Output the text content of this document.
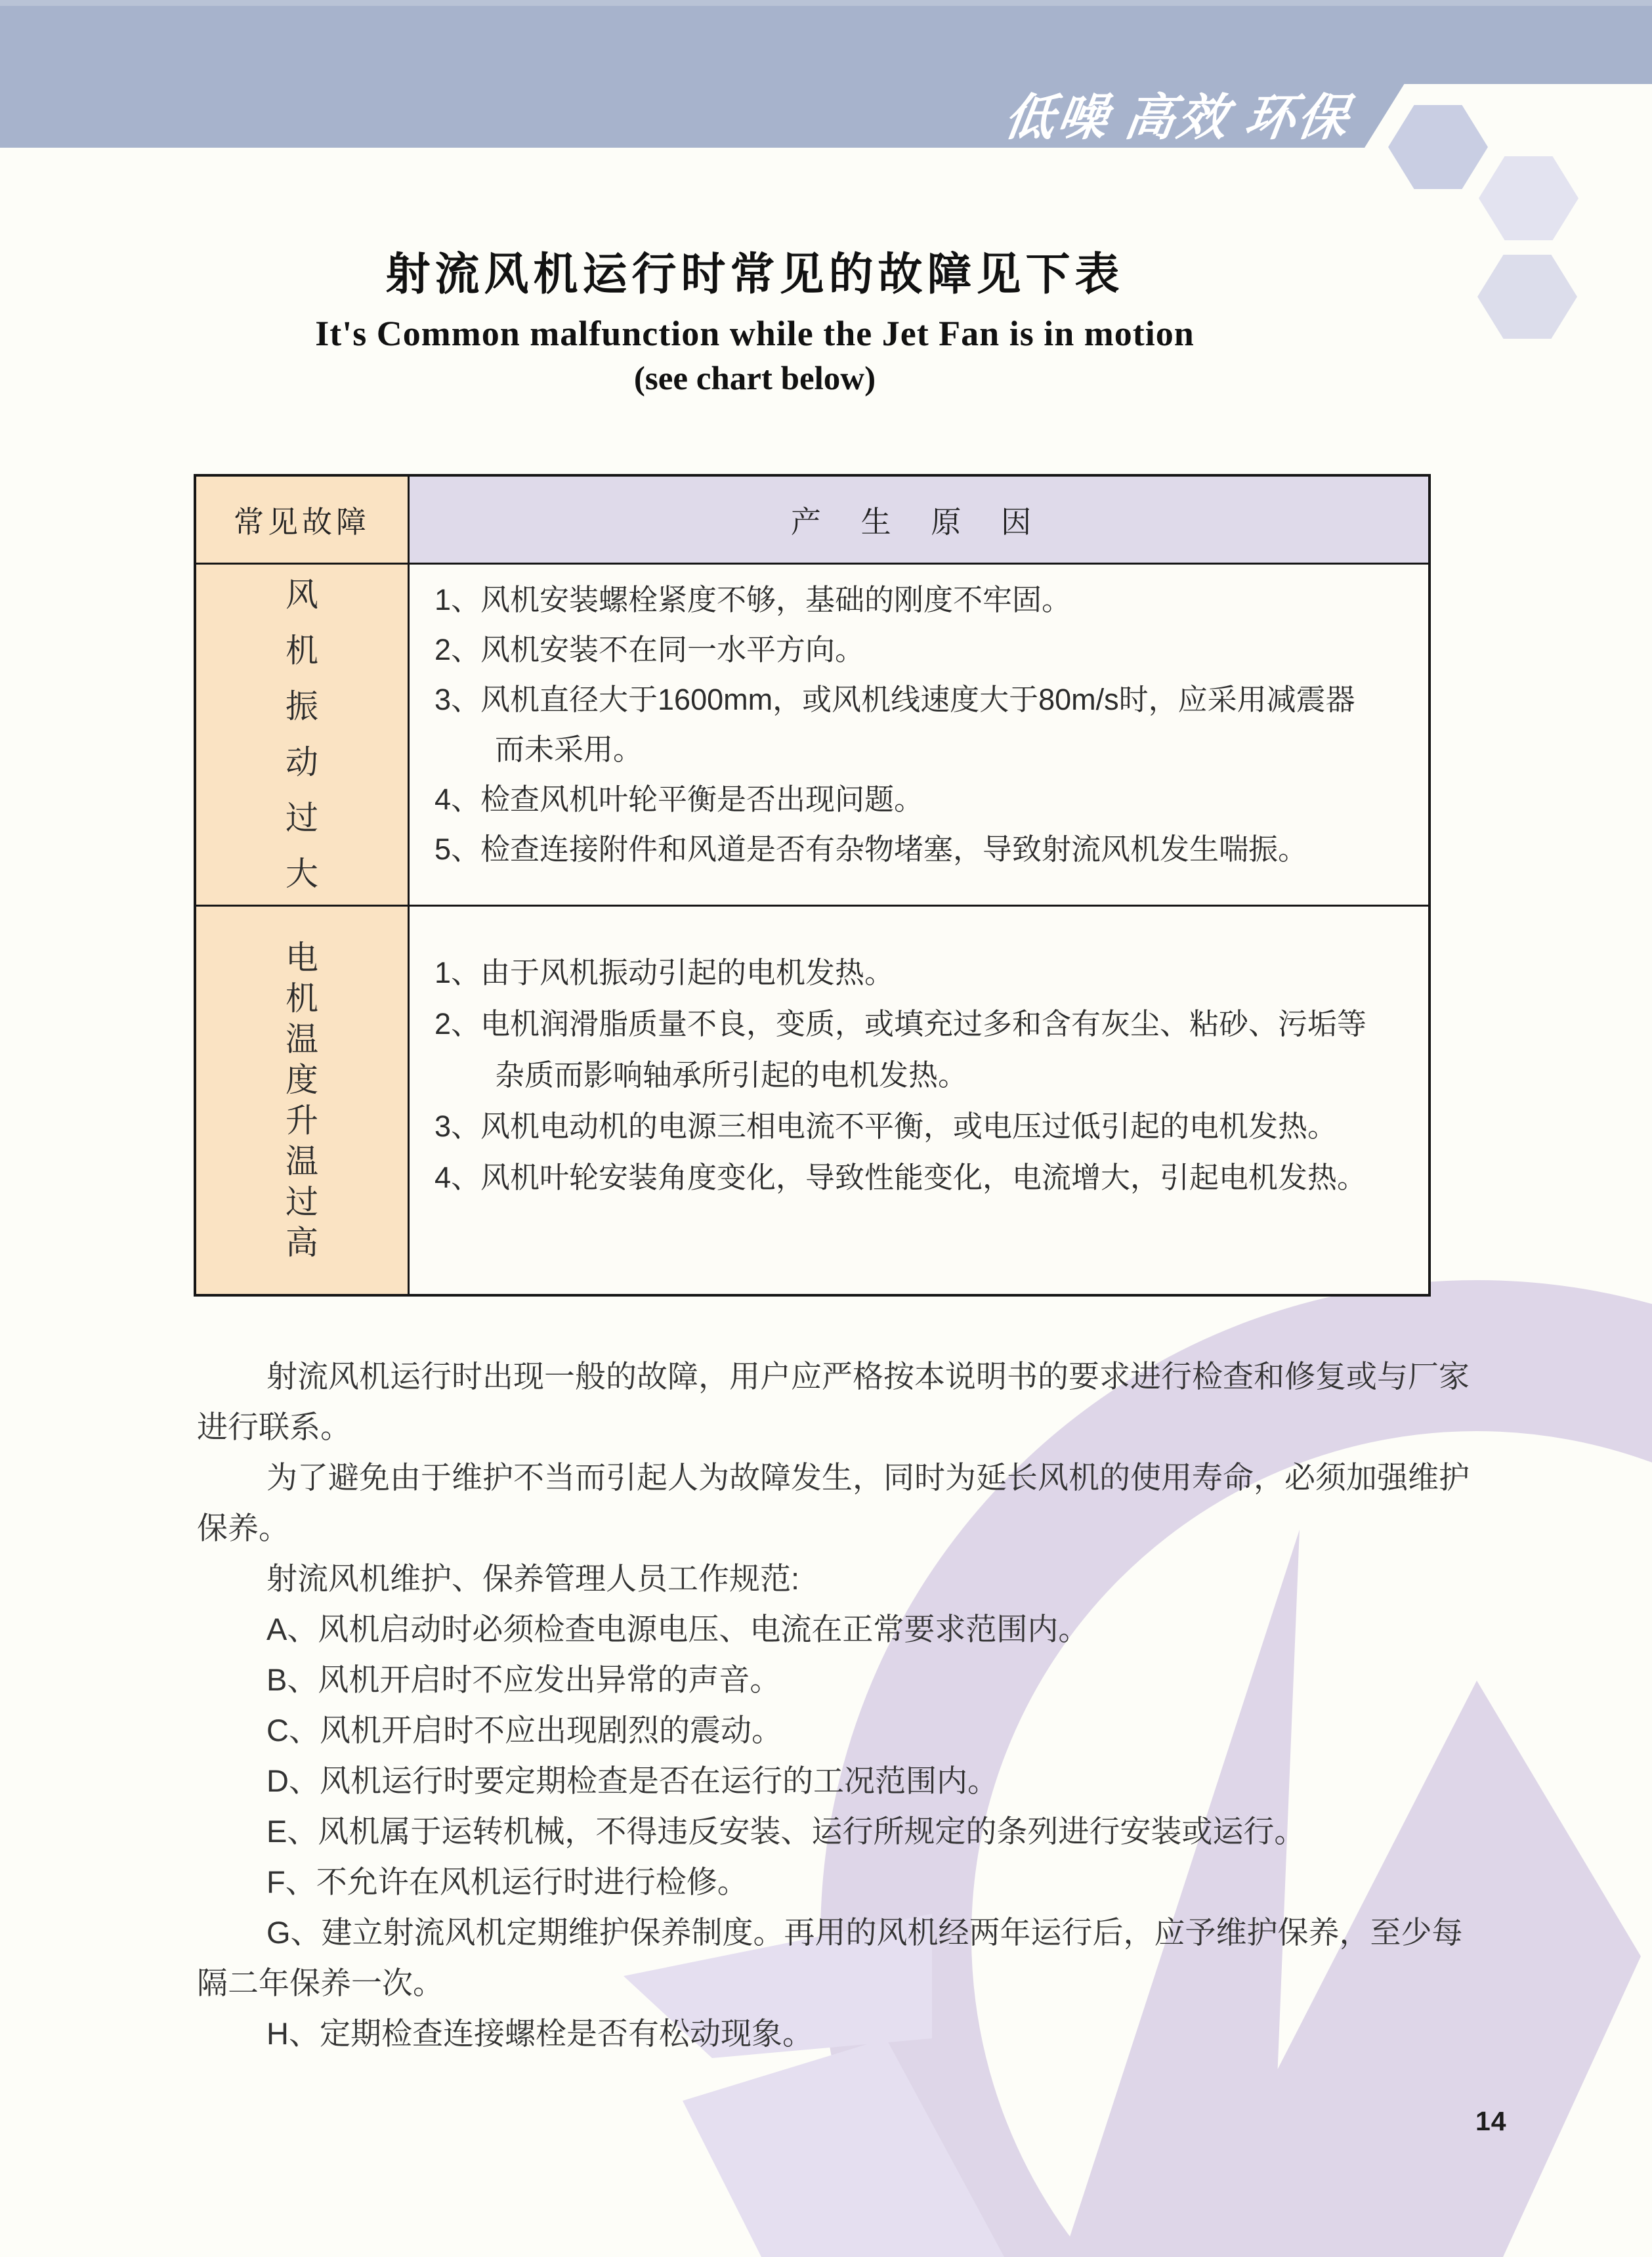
低噪 高效 环保
射流风机运行时常见的故障见下表
It's Common malfunction while the Jet Fan is in motion
(see chart below)
常见故障	产 生 原 因
风
机
振
动
过
大
1、风机安装螺栓紧度不够，基础的刚度不牢固。
2、风机安装不在同一水平方向。
3、风机直径大于1600mm，或风机线速度大于80m/s时，应采用减震器
而未采用。
4、检查风机叶轮平衡是否出现问题。
5、检查连接附件和风道是否有杂物堵塞，导致射流风机发生喘振。
电
机
温
度
升
温
过
高
1、由于风机振动引起的电机发热。
2、电机润滑脂质量不良，变质，或填充过多和含有灰尘、粘砂、污垢等
杂质而影响轴承所引起的电机发热。
3、风机电动机的电源三相电流不平衡，或电压过低引起的电机发热。
4、风机叶轮安装角度变化，导致性能变化，电流增大，引起电机发热。
射流风机运行时出现一般的故障，用户应严格按本说明书的要求进行检查和修复或与厂家
进行联系。
为了避免由于维护不当而引起人为故障发生，同时为延长风机的使用寿命，必须加强维护
保养。
射流风机维护、保养管理人员工作规范:
A、风机启动时必须检查电源电压、电流在正常要求范围内。
B、风机开启时不应发出异常的声音。
C、风机开启时不应出现剧烈的震动。
D、风机运行时要定期检查是否在运行的工况范围内。
E、风机属于运转机械，不得违反安装、运行所规定的条列进行安装或运行。
F、不允许在风机运行时进行检修。
G、建立射流风机定期维护保养制度。再用的风机经两年运行后，应予维护保养，至少每
隔二年保养一次。
H、定期检查连接螺栓是否有松动现象。
14
